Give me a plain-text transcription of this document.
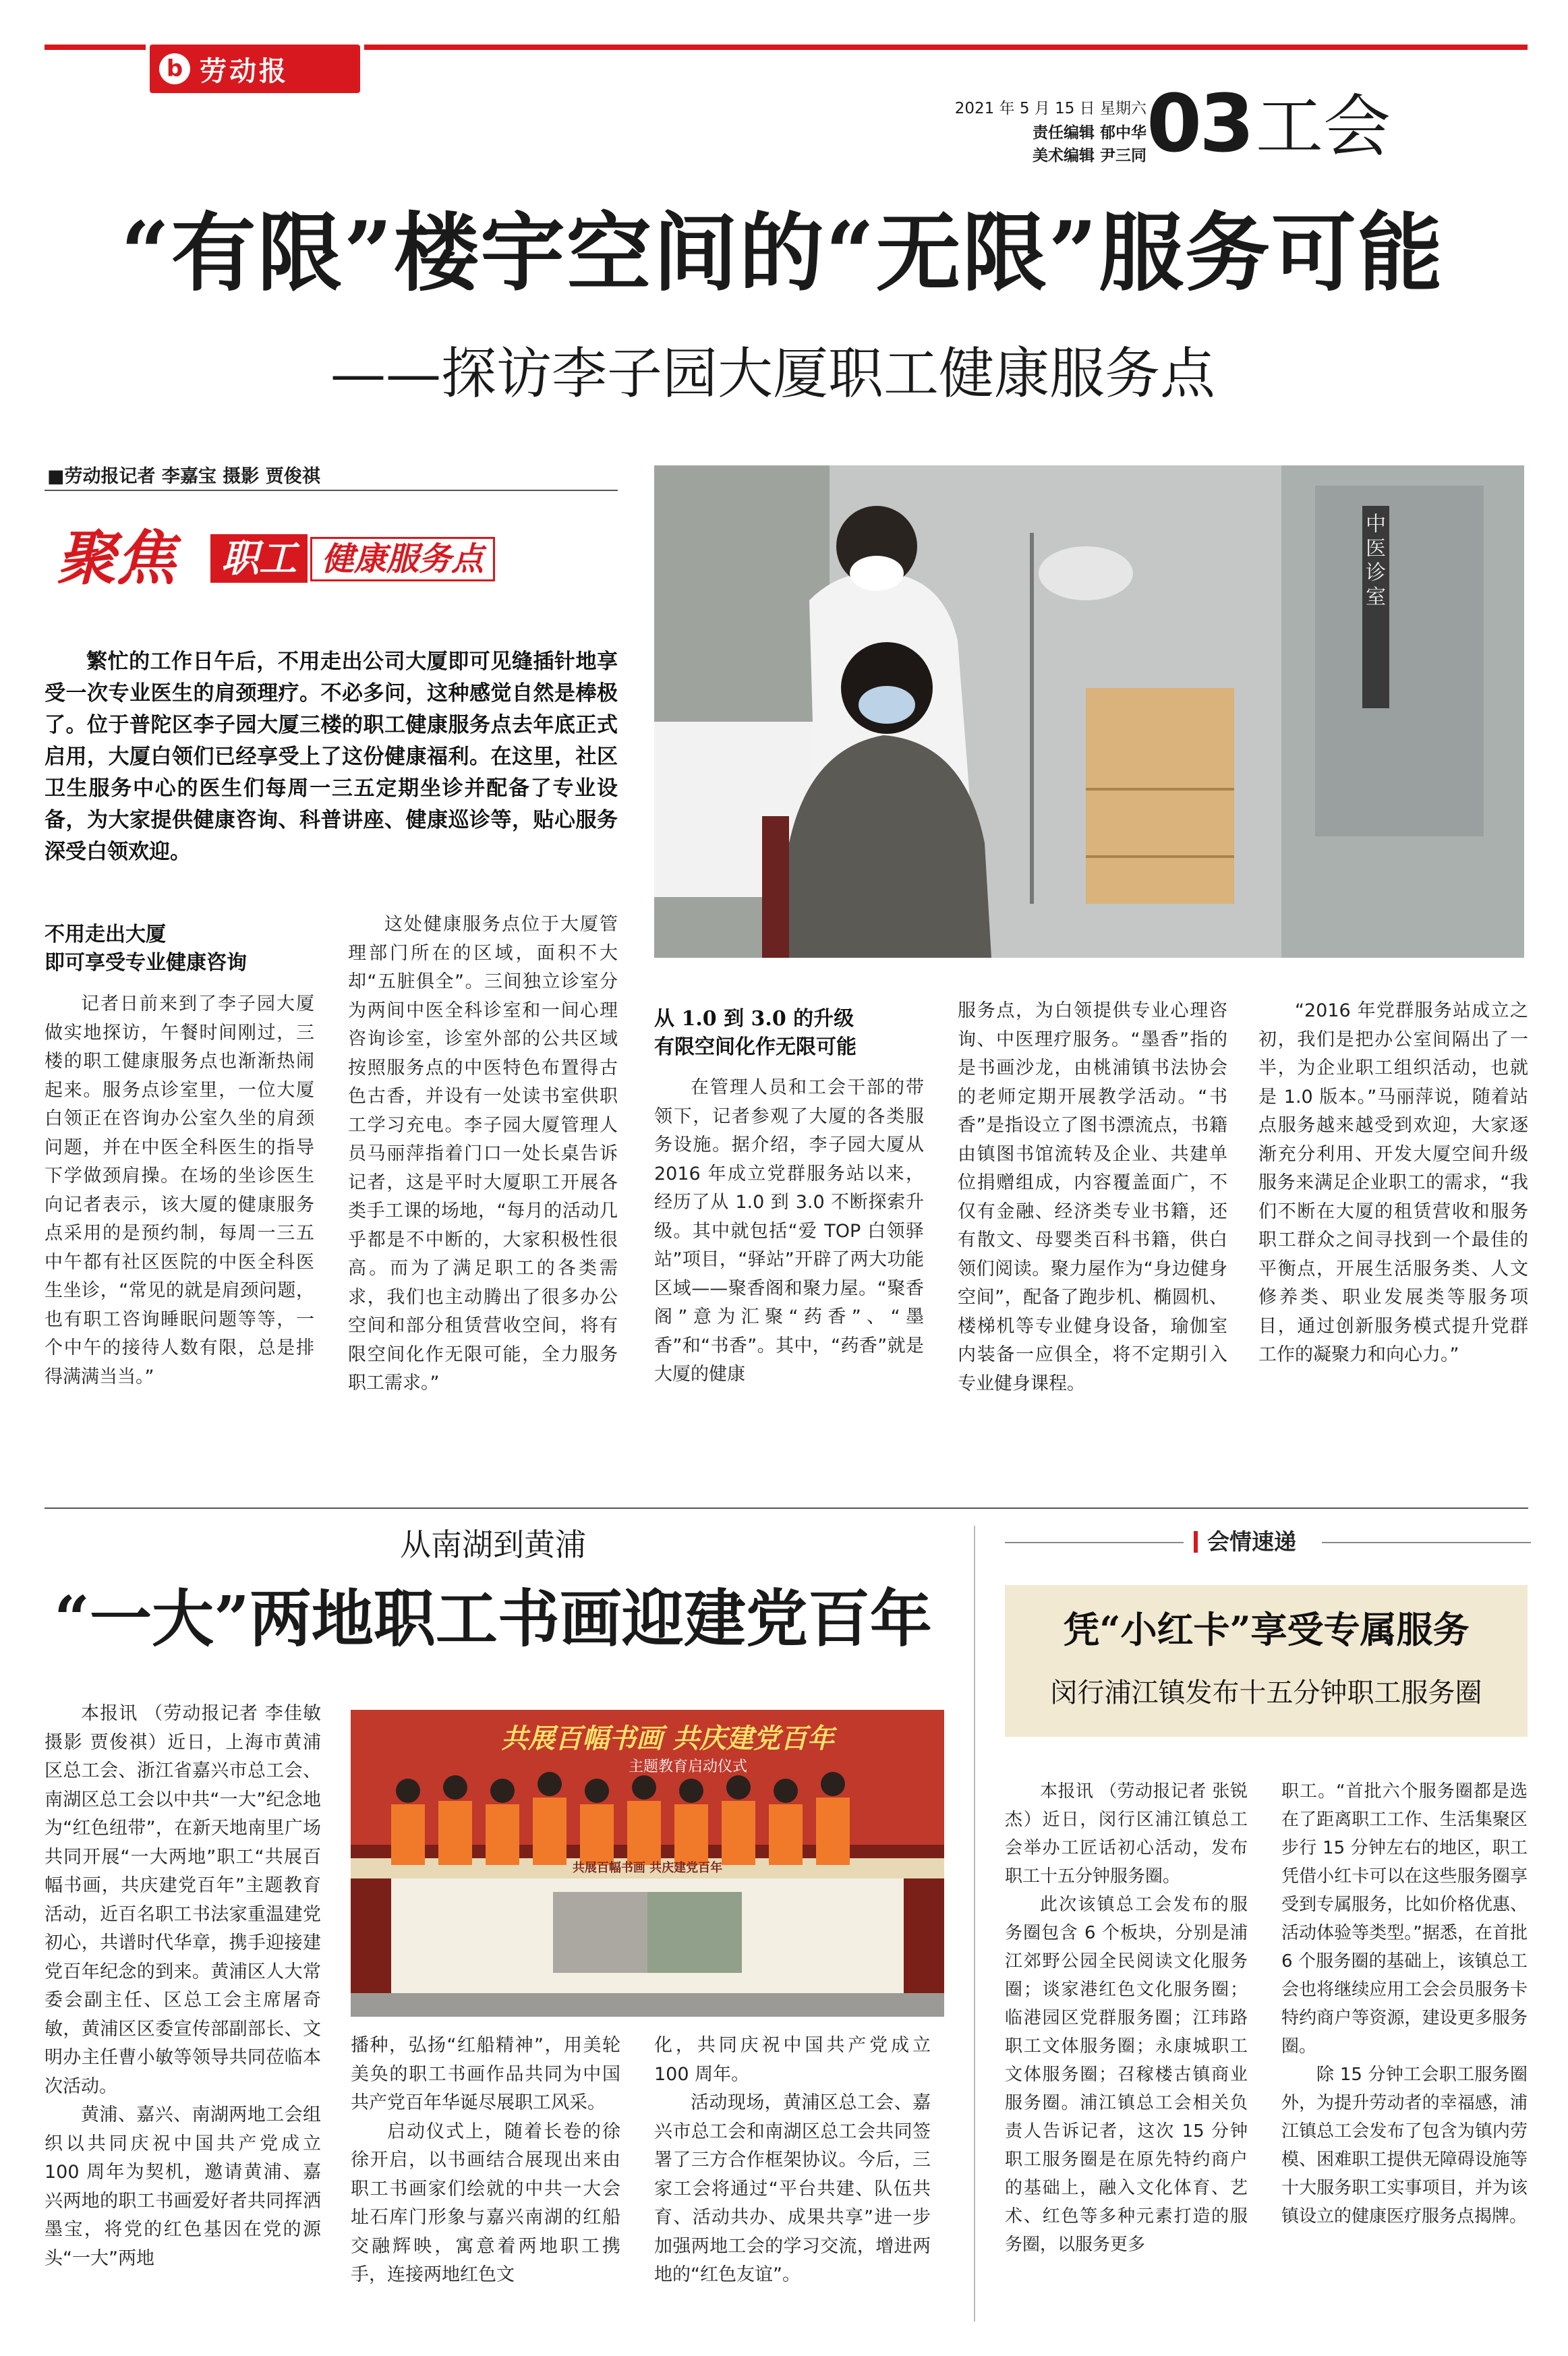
b 劳动报
2021 年 5 月 15 日 星期六
责任编辑 郁中华
美术编辑 尹三同 03 工会
“有限”楼宇空间的“无限”服务可能
——探访李子园大厦职工健康服务点
■劳动报记者 李嘉宝 摄影 贾俊祺
聚焦 职工 健康服务点

繁忙的工作日午后，不用走出公司大厦即可见缝插针地享受一次专业医生的肩颈理疗。不必多问，这种感觉自然是棒极了。位于普陀区李子园大厦三楼的职工健康服务点去年底正式启用，大厦白领们已经享受上了这份健康福利。在这里，社区卫生服务中心的医生们每周一三五定期坐诊并配备了专业设备，为大家提供健康咨询、科普讲座、健康巡诊等，贴心服务深受白领欢迎。

中医诊室
不用走出大厦
即可享受专业健康咨询

记者日前来到了李子园大厦做实地探访，午餐时间刚过，三楼的职工健康服务点也渐渐热闹起来。服务点诊室里，一位大厦白领正在咨询办公室久坐的肩颈问题，并在中医全科医生的指导下学做颈肩操。在场的坐诊医生向记者表示，该大厦的健康服务点采用的是预约制，每周一三五中午都有社区医院的中医全科医生坐诊，“常见的就是肩颈问题，也有职工咨询睡眠问题等等，一个中午的接待人数有限，总是排得满满当当。”

这处健康服务点位于大厦管理部门所在的区域，面积不大却“五脏俱全”。三间独立诊室分为两间中医全科诊室和一间心理咨询诊室，诊室外部的公共区域按照服务点的中医特色布置得古色古香，并设有一处读书室供职工学习充电。李子园大厦管理人员马丽萍指着门口一处长桌告诉记者，这是平时大厦职工开展各类手工课的场地，“每月的活动几乎都是不中断的，大家积极性很高。而为了满足职工的各类需求，我们也主动腾出了很多办公空间和部分租赁营收空间，将有限空间化作无限可能，全力服务职工需求。”

从 1.0 到 3.0 的升级
有限空间化作无限可能

在管理人员和工会干部的带领下，记者参观了大厦的各类服务设施。据介绍，李子园大厦从 2016 年成立党群服务站以来，经历了从 1.0 到 3.0 不断探索升级。其中就包括“爱 TOP 白领驿站”项目，“驿站”开辟了两大功能区域——聚香阁和聚力屋。“聚香阁”意为汇聚“药香”、“墨香”和“书香”。其中，“药香”就是大厦的健康

服务点，为白领提供专业心理咨询、中医理疗服务。“墨香”指的是书画沙龙，由桃浦镇书法协会的老师定期开展教学活动。“书香”是指设立了图书漂流点，书籍由镇图书馆流转及企业、共建单位捐赠组成，内容覆盖面广，不仅有金融、经济类专业书籍，还有散文、母婴类百科书籍，供白领们阅读。聚力屋作为“身边健身空间”，配备了跑步机、椭圆机、楼梯机等专业健身设备，瑜伽室内装备一应俱全，将不定期引入专业健身课程。

“2016 年党群服务站成立之初，我们是把办公室间隔出了一半，为企业职工组织活动，也就是 1.0 版本。”马丽萍说，随着站点服务越来越受到欢迎，大家逐渐充分利用、开发大厦空间升级服务来满足企业职工的需求，“我们不断在大厦的租赁营收和服务职工群众之间寻找到一个最佳的平衡点，开展生活服务类、人文修养类、职业发展类等服务项目，通过创新服务模式提升党群工作的凝聚力和向心力。”

从南湖到黄浦
“一大”两地职工书画迎建党百年

本报讯 （劳动报记者 李佳敏 摄影 贾俊祺）近日，上海市黄浦区总工会、浙江省嘉兴市总工会、南湖区总工会以中共“一大”纪念地为“红色纽带”，在新天地南里广场共同开展“一大两地”职工“共展百幅书画，共庆建党百年”主题教育活动，近百名职工书法家重温建党初心，共谱时代华章，携手迎接建党百年纪念的到来。黄浦区人大常委会副主任、区总工会主席屠奇敏，黄浦区区委宣传部副部长、文明办主任曹小敏等领导共同莅临本次活动。

黄浦、嘉兴、南湖两地工会组织以共同庆祝中国共产党成立 100 周年为契机，邀请黄浦、嘉兴两地的职工书画爱好者共同挥洒墨宝，将党的红色基因在党的源头“一大”两地

共展百幅书画 共庆建党百年
主题教育启动仪式
共展百幅书画 共庆建党百年

播种，弘扬“红船精神”，用美轮美奂的职工书画作品共同为中国共产党百年华诞尽展职工风采。

启动仪式上，随着长卷的徐徐开启，以书画结合展现出来由职工书画家们绘就的中共一大会址石库门形象与嘉兴南湖的红船交融辉映，寓意着两地职工携手，连接两地红色文

化，共同庆祝中国共产党成立 100 周年。

活动现场，黄浦区总工会、嘉兴市总工会和南湖区总工会共同签署了三方合作框架协议。今后，三家工会将通过“平台共建、队伍共育、活动共办、成果共享”进一步加强两地工会的学习交流，增进两地的“红色友谊”。

会情速递
凭“小红卡”享受专属服务
闵行浦江镇发布十五分钟职工服务圈

本报讯 （劳动报记者 张锐杰）近日，闵行区浦江镇总工会举办工匠话初心活动，发布职工十五分钟服务圈。

此次该镇总工会发布的服务圈包含 6 个板块，分别是浦江郊野公园全民阅读文化服务圈；谈家港红色文化服务圈；临港园区党群服务圈；江玮路职工文体服务圈；永康城职工文体服务圈；召稼楼古镇商业服务圈。浦江镇总工会相关负责人告诉记者，这次 15 分钟职工服务圈是在原先特约商户的基础上，融入文化体育、艺术、红色等多种元素打造的服务圈，以服务更多

职工。“首批六个服务圈都是选在了距离职工工作、生活集聚区步行 15 分钟左右的地区，职工凭借小红卡可以在这些服务圈享受到专属服务，比如价格优惠、活动体验等类型。”据悉，在首批 6 个服务圈的基础上，该镇总工会也将继续应用工会会员服务卡特约商户等资源，建设更多服务圈。

除 15 分钟工会职工服务圈外，为提升劳动者的幸福感，浦江镇总工会发布了包含为镇内劳模、困难职工提供无障碍设施等十大服务职工实事项目，并为该镇设立的健康医疗服务点揭牌。
